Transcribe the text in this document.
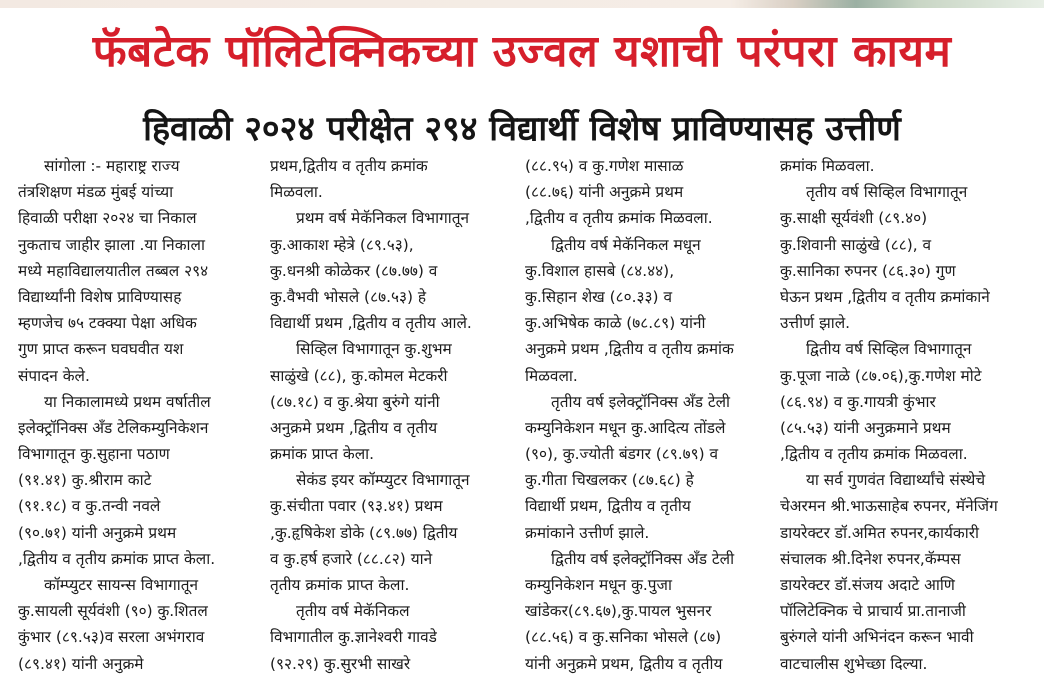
फॅबटेक पॉलिटेक्निकच्या उज्वल यशाची परंपरा कायम
हिवाळी २०२४ परीक्षेत २९४ विद्यार्थी विशेष प्राविण्यासह उत्तीर्ण
सांगोला :- महाराष्ट्र राज्य
तंत्रशिक्षण मंडळ मुंबई यांच्या
हिवाळी परीक्षा २०२४ चा निकाल
नुकताच जाहीर झाला .या निकाला
मध्ये महाविद्यालयातील तब्बल २९४
विद्यार्थ्यांनी विशेष प्राविण्यासह
म्हणजेच ७५ टक्क्या पेक्षा अधिक
गुण प्राप्त करून घवघवीत यश
संपादन केले.
या निकालामध्ये प्रथम वर्षातील
इलेक्ट्रॉनिक्स अँड टेलिकम्युनिकेशन
विभागातून कु.सुहाना पठाण
(९१.४१) कु.श्रीराम काटे
(९१.१८) व कु.तन्वी नवले
(९०.७१) यांनी अनुक्रमे प्रथम
,द्वितीय व तृतीय क्रमांक प्राप्त केला.
कॉम्प्युटर सायन्स विभागातून
कु.सायली सूर्यवंशी (९०) कु.शितल
कुंभार (८९.५३)व सरला अभंगराव
(८९.४१) यांनी अनुक्रमे
प्रथम,द्वितीय व तृतीय क्रमांक
मिळवला.
प्रथम वर्ष मेकॅनिकल विभागातून
कु.आकाश म्हेत्रे (८९.५३),
कु.धनश्री कोळेकर (८७.७७) व
कु.वैभवी भोसले (८७.५३) हे
विद्यार्थी प्रथम ,द्वितीय व तृतीय आले.
सिव्हिल विभागातून कु.शुभम
साळुंखे (८८), कु.कोमल मेटकरी
(८७.१८) व कु.श्रेया बुरुंगे यांनी
अनुक्रमे प्रथम ,द्वितीय व तृतीय
क्रमांक प्राप्त केला.
सेकंड इयर कॉम्प्युटर विभागातून
कु.संचीता पवार (९३.४१) प्रथम
,कु.हृषिकेश डोके (८९.७७) द्वितीय
व कु.हर्ष हजारे (८८.८२) याने
तृतीय क्रमांक प्राप्त केला.
तृतीय वर्ष मेकॅनिकल
विभागातील कु.ज्ञानेश्वरी गावडे
(९२.२९) कु.सुरभी साखरे
(८८.९५) व कु.गणेश मासाळ
(८८.७६) यांनी अनुक्रमे प्रथम
,द्वितीय व तृतीय क्रमांक मिळवला.
द्वितीय वर्ष मेकॅनिकल मधून
कु.विशाल हासबे (८४.४४),
कु.सिहान शेख (८०.३३) व
कु.अभिषेक काळे (७८.८९) यांनी
अनुक्रमे प्रथम ,द्वितीय व तृतीय क्रमांक
मिळवला.
तृतीय वर्ष इलेक्ट्रॉनिक्स अँड टेली
कम्युनिकेशन मधून कु.आदित्य तोंडले
(९०), कु.ज्योती बंडगर (८९.७९) व
कु.गीता चिखलकर (८७.६८) हे
विद्यार्थी प्रथम, द्वितीय व तृतीय
क्रमांकाने उत्तीर्ण झाले.
द्वितीय वर्ष इलेक्ट्रॉनिक्स अँड टेली
कम्युनिकेशन मधून कु.पुजा
खांडेकर(८९.६७),कु.पायल भुसनर
(८८.५६) व कु.सनिका भोसले (८७)
यांनी अनुक्रमे प्रथम, द्वितीय व तृतीय
क्रमांक मिळवला.
तृतीय वर्ष सिव्हिल विभागातून
कु.साक्षी सूर्यवंशी (८९.४०)
कु.शिवानी साळुंखे (८८), व
कु.सानिका रुपनर (८६.३०) गुण
घेऊन प्रथम ,द्वितीय व तृतीय क्रमांकाने
उत्तीर्ण झाले.
द्वितीय वर्ष सिव्हिल विभागातून
कु.पूजा नाळे (८७.०६),कु.गणेश मोटे
(८६.९४) व कु.गायत्री कुंभार
(८५.५३) यांनी अनुक्रमाने प्रथम
,द्वितीय व तृतीय क्रमांक मिळवला.
या सर्व गुणवंत विद्यार्थ्यांचे संस्थेचे
चेअरमन श्री.भाऊसाहेब रुपनर, मॅनेजिंग
डायरेक्टर डॉ.अमित रुपनर,कार्यकारी
संचालक श्री.दिनेश रुपनर,कॅम्पस
डायरेक्टर डॉ.संजय अदाटे आणि
पॉलिटेक्निक चे प्राचार्य प्रा.तानाजी
बुरुंगले यांनी अभिनंदन करून भावी
वाटचालीस शुभेच्छा दिल्या.
